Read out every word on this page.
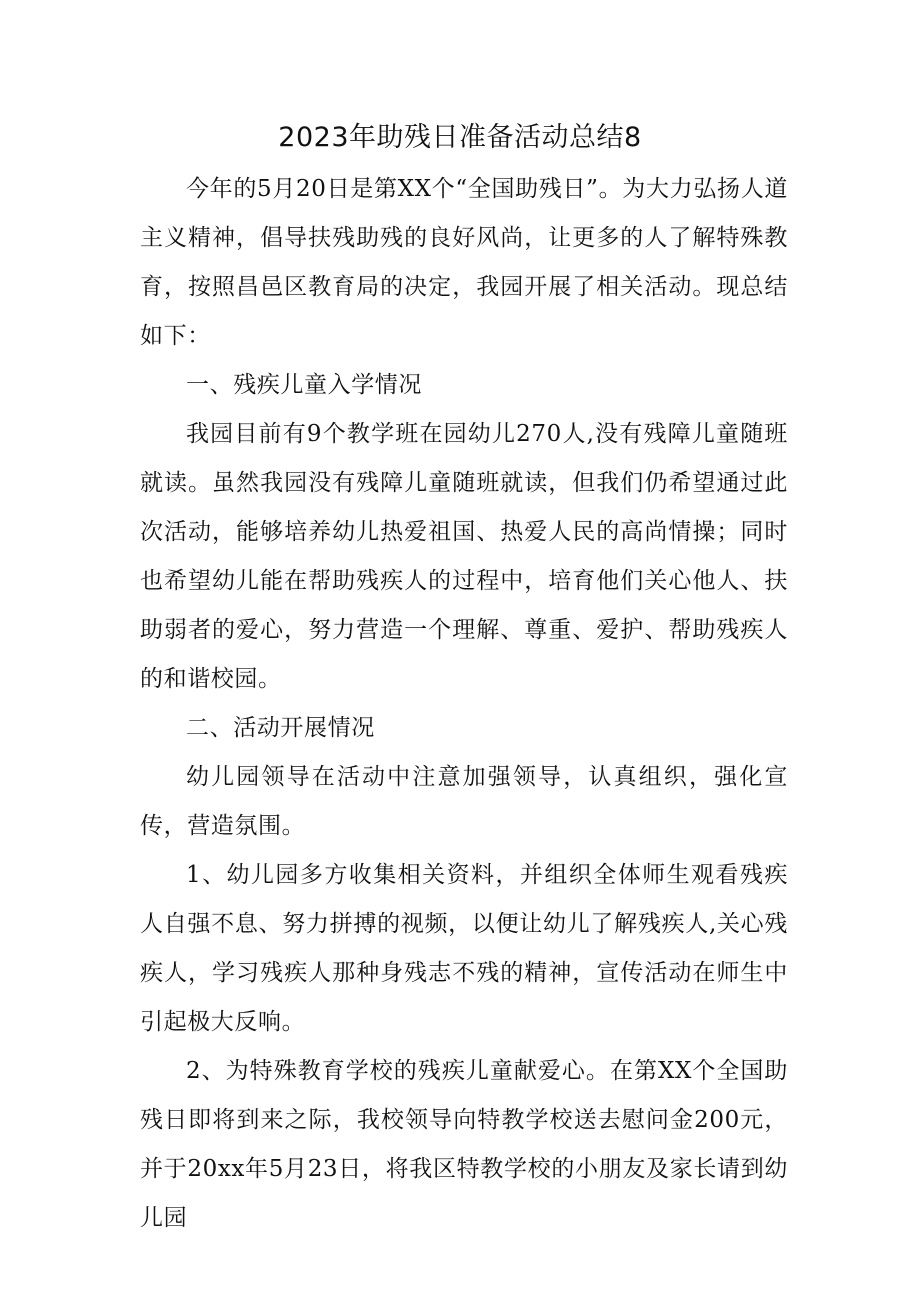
2023年助残日准备活动总结8

今年的5月20日是第XX个“全国助残日”。为大力弘扬人道主义精神，倡导扶残助残的良好风尚，让更多的人了解特殊教育，按照昌邑区教育局的决定，我园开展了相关活动。现总结如下：

一、残疾儿童入学情况

我园目前有9个教学班在园幼儿270人,没有残障儿童随班就读。虽然我园没有残障儿童随班就读，但我们仍希望通过此次活动，能够培养幼儿热爱祖国、热爱人民的高尚情操；同时也希望幼儿能在帮助残疾人的过程中，培育他们关心他人、扶助弱者的爱心，努力营造一个理解、尊重、爱护、帮助残疾人的和谐校园。

二、活动开展情况

幼儿园领导在活动中注意加强领导，认真组织，强化宣传，营造氛围。

1、幼儿园多方收集相关资料，并组织全体师生观看残疾人自强不息、努力拼搏的视频，以便让幼儿了解残疾人,关心残疾人，学习残疾人那种身残志不残的精神，宣传活动在师生中引起极大反响。

2、为特殊教育学校的残疾儿童献爱心。在第XX个全国助残日即将到来之际，我校领导向特教学校送去慰问金200元，并于20xx年5月23日，将我区特教学校的小朋友及家长请到幼儿园
